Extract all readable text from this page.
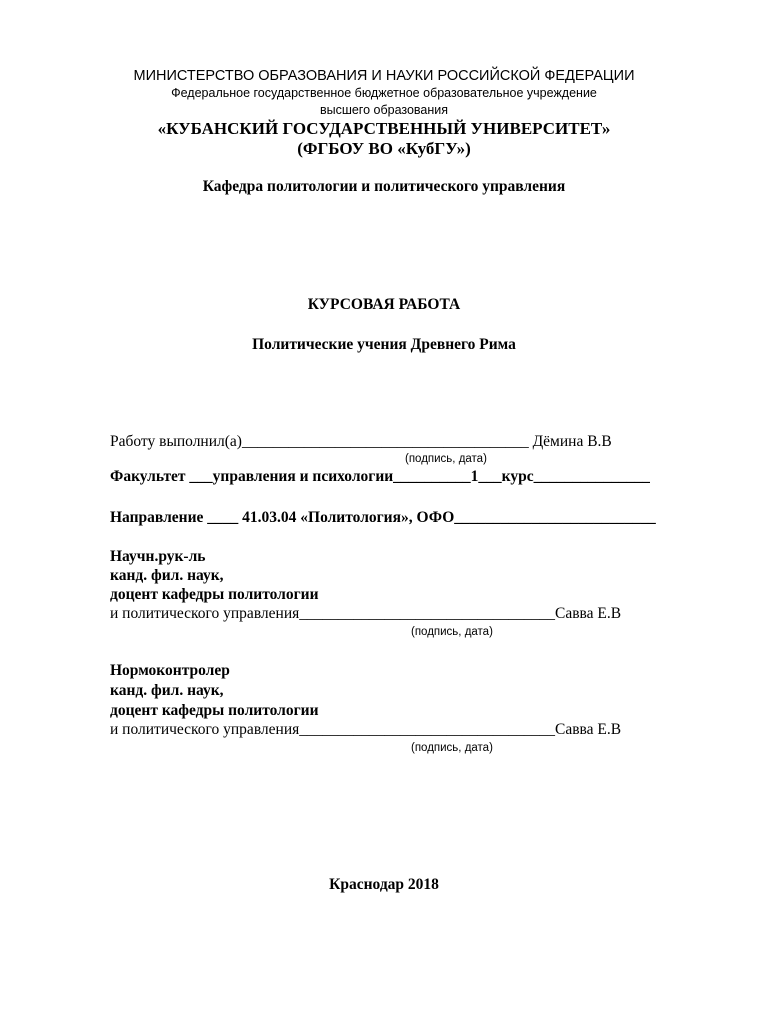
МИНИСТЕРСТВО ОБРАЗОВАНИЯ И НАУКИ РОССИЙСКОЙ ФЕДЕРАЦИИ
Федеральное государственное бюджетное образовательное учреждение
высшего образования
«КУБАНСКИЙ ГОСУДАРСТВЕННЫЙ УНИВЕРСИТЕТ»
(ФГБОУ ВО «КубГУ»)
Кафедра политологии и политического управления
КУРСОВАЯ РАБОТА
Политические учения Древнего Рима
Работу выполнил(а)_____________________________________ Дёмина В.В
(подпись, дата)
Факультет ___управления и психологии__________1___курс_______________
Направление ____ 41.03.04 «Политология», ОФО__________________________
Научн.рук-ль
канд. фил. наук,
доцент кафедры политологии
и политического управления_________________________________Савва Е.В
(подпись, дата)
Нормоконтролер
канд. фил. наук,
доцент кафедры политологии
и политического управления_________________________________Савва Е.В
(подпись, дата)
Краснодар 2018
